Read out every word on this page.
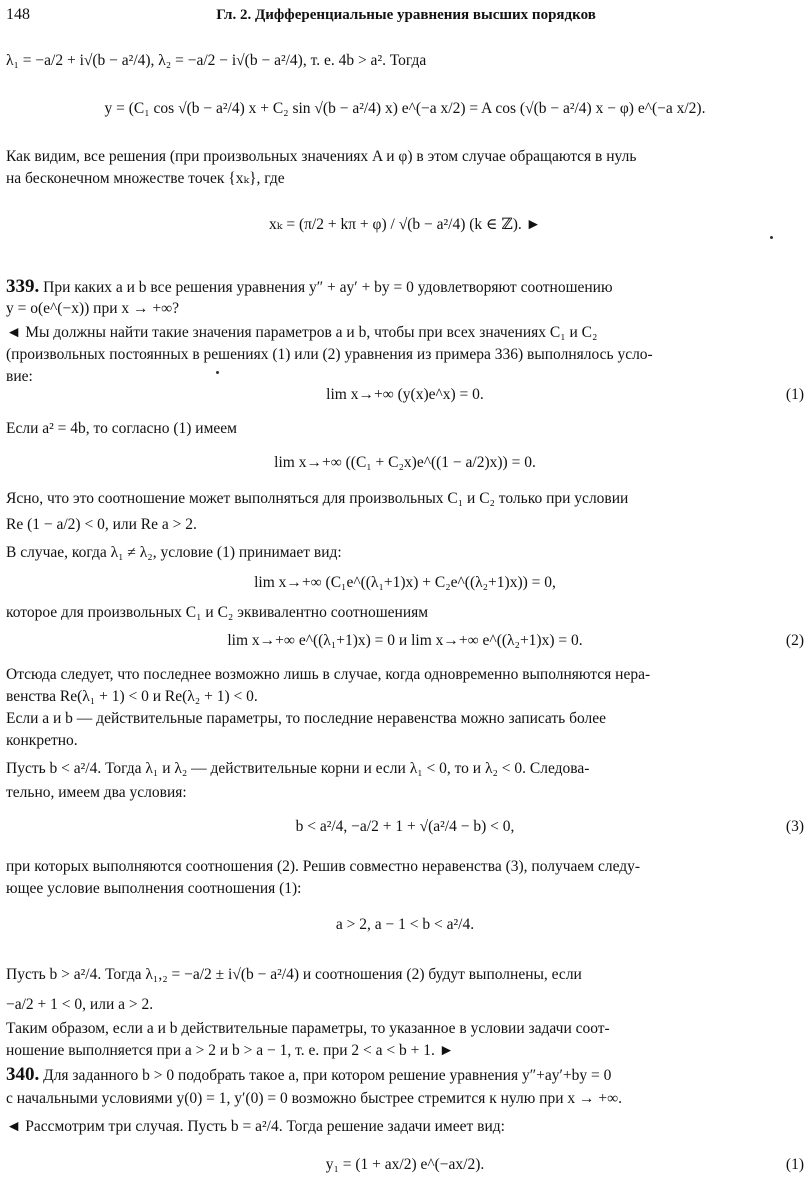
148	Гл. 2. Дифференциальные уравнения высших порядков
λ₁ = −a/2 + i√(b − a²/4), λ₂ = −a/2 − i√(b − a²/4), т. е. 4b > a². Тогда
y = (C₁ cos √(b − a²/4) x + C₂ sin √(b − a²/4) x) e^(−a x/2) = A cos (√(b − a²/4) x − φ) e^(−a x/2).
Как видим, все решения (при произвольных значениях A и φ) в этом случае обращаются в нуль
на бесконечном множестве точек {xₖ}, где
xₖ = (π/2 + kπ + φ) / √(b − a²/4) (k ∈ ℤ). ►
339. При каких a и b все решения уравнения y″ + ay′ + by = 0 удовлетворяют соотношению
y = o(e^(−x)) при x → +∞?
◄ Мы должны найти такие значения параметров a и b, чтобы при всех значениях C₁ и C₂
(произвольных постоянных в решениях (1) или (2) уравнения из примера 336) выполнялось усло-
вие:
lim x→+∞ (y(x)e^x) = 0.	(1)
Если a² = 4b, то согласно (1) имеем
lim x→+∞ ((C₁ + C₂x)e^((1 − a/2)x)) = 0.
Ясно, что это соотношение может выполняться для произвольных C₁ и C₂ только при условии
Re (1 − a/2) < 0, или Re a > 2.
В случае, когда λ₁ ≠ λ₂, условие (1) принимает вид:
lim x→+∞ (C₁e^((λ₁+1)x) + C₂e^((λ₂+1)x)) = 0,
которое для произвольных C₁ и C₂ эквивалентно соотношениям
lim x→+∞ e^((λ₁+1)x) = 0 и lim x→+∞ e^((λ₂+1)x) = 0.	(2)
Отсюда следует, что последнее возможно лишь в случае, когда одновременно выполняются нера-
венства Re(λ₁ + 1) < 0 и Re(λ₂ + 1) < 0.
Если a и b — действительные параметры, то последние неравенства можно записать более
конкретно.
Пусть b < a²/4. Тогда λ₁ и λ₂ — действительные корни и если λ₁ < 0, то и λ₂ < 0. Следова-
тельно, имеем два условия:
b < a²/4, −a/2 + 1 + √(a²/4 − b) < 0,	(3)
при которых выполняются соотношения (2). Решив совместно неравенства (3), получаем следу-
ющее условие выполнения соотношения (1):
a > 2, a − 1 < b < a²/4.
Пусть b > a²/4. Тогда λ₁,₂ = −a/2 ± i√(b − a²/4) и соотношения (2) будут выполнены, если
−a/2 + 1 < 0, или a > 2.
Таким образом, если a и b действительные параметры, то указанное в условии задачи соот-
ношение выполняется при a > 2 и b > a − 1, т. е. при 2 < a < b + 1. ►
340. Для заданного b > 0 подобрать такое a, при котором решение уравнения y″+ay′+by = 0
с начальными условиями y(0) = 1, y′(0) = 0 возможно быстрее стремится к нулю при x → +∞.
◄ Рассмотрим три случая. Пусть b = a²/4. Тогда решение задачи имеет вид:
y₁ = (1 + ax/2) e^(−ax/2).	(1)
